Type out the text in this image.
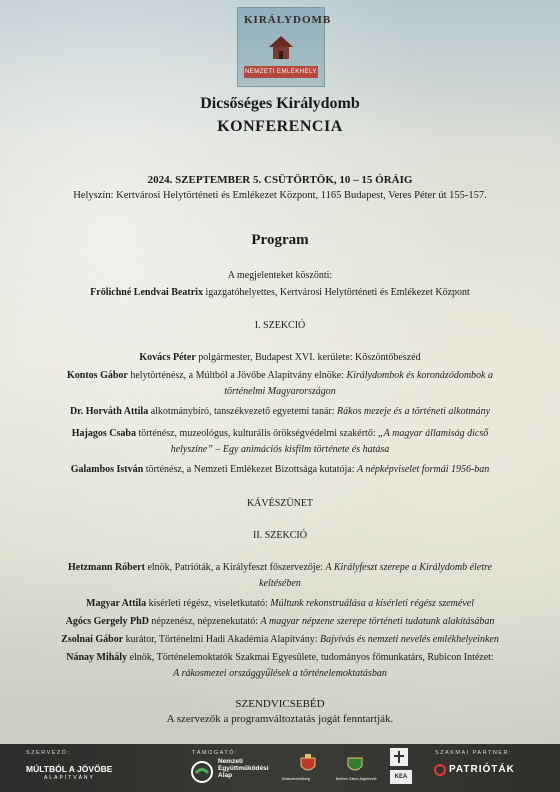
KIRÁLYDOMB
NEMZETI EMLÉKHELY
Dicsőséges Királydomb
KONFERENCIA
2024. SZEPTEMBER 5. CSÜTÖRTÖK, 10 – 15 ÓRÁIG
Helyszín: Kertvárosi Helytörténeti és Emlékezet Központ, 1165 Budapest, Veres Péter út 155-157.
Program
A megjelenteket köszönti:
Frölichné Lendvai Beatrix igazgatóhelyettes, Kertvárosi Helytörténeti és Emlékezet Központ
I. SZEKCIÓ
Kovács Péter polgármester, Budapest XVI. kerülete: Köszöntőbeszéd
Kontos Gábor helytörténész, a Múltból a Jövőbe Alapítvány elnöke: Királydombok és koronázódombok a
történelmi Magyarországon
Dr. Horváth Attila alkotmánybíró, tanszékvezető egyetemi tanár: Rákos mezeje és a történeti alkotmány
Hajagos Csaba történész, muzeológus, kulturális örökségvédelmi szakértő: „A magyar államiság dicső
helyszíne” – Egy animációs kisfilm története és hatása
Galambos István történész, a Nemzeti Emlékezet Bizottsága kutatója: A népképviselet formái 1956-ban
KÁVÉSZÜNET
II. SZEKCIÓ
Hetzmann Róbert elnök, Patrióták, a Királyfeszt főszervezője: A Királyfeszt szerepe a Királydomb életre
keltésében
Magyar Attila kísérleti régész, viseletkutató: Múltunk rekonstruálása a kísérleti régész szemével
Agócs Gergely PhD népzenész, népzenekutató: A magyar népzene szerepe történeti tudatunk alakításában
Zsolnai Gábor kurátor, Történelmi Hadi Akadémia Alapítvány: Bajvívás és nemzeti nevelés emlékhelyeinken
Nánay Mihály elnök, Történelemoktatók Szakmai Egyesülete, tudományos főmunkatárs, Rubicon Intézet:
A rákosmezei országgyűlések a történelemoktatásban
SZENDVICSEBÉD
A szervezők a programváltoztatás jogát fenntartják.
SZERVEZŐ:
MÚLTBÓL A JÖVŐBE
ALAPÍTVÁNY
TÁMOGATÓ:
Nemzeti
Együttműködési
Alap	Miniszterelnökség	Bethlen Gábor Alapkezelő	KEA
SZAKMAI PARTNER:
PATRIÓTÁK
